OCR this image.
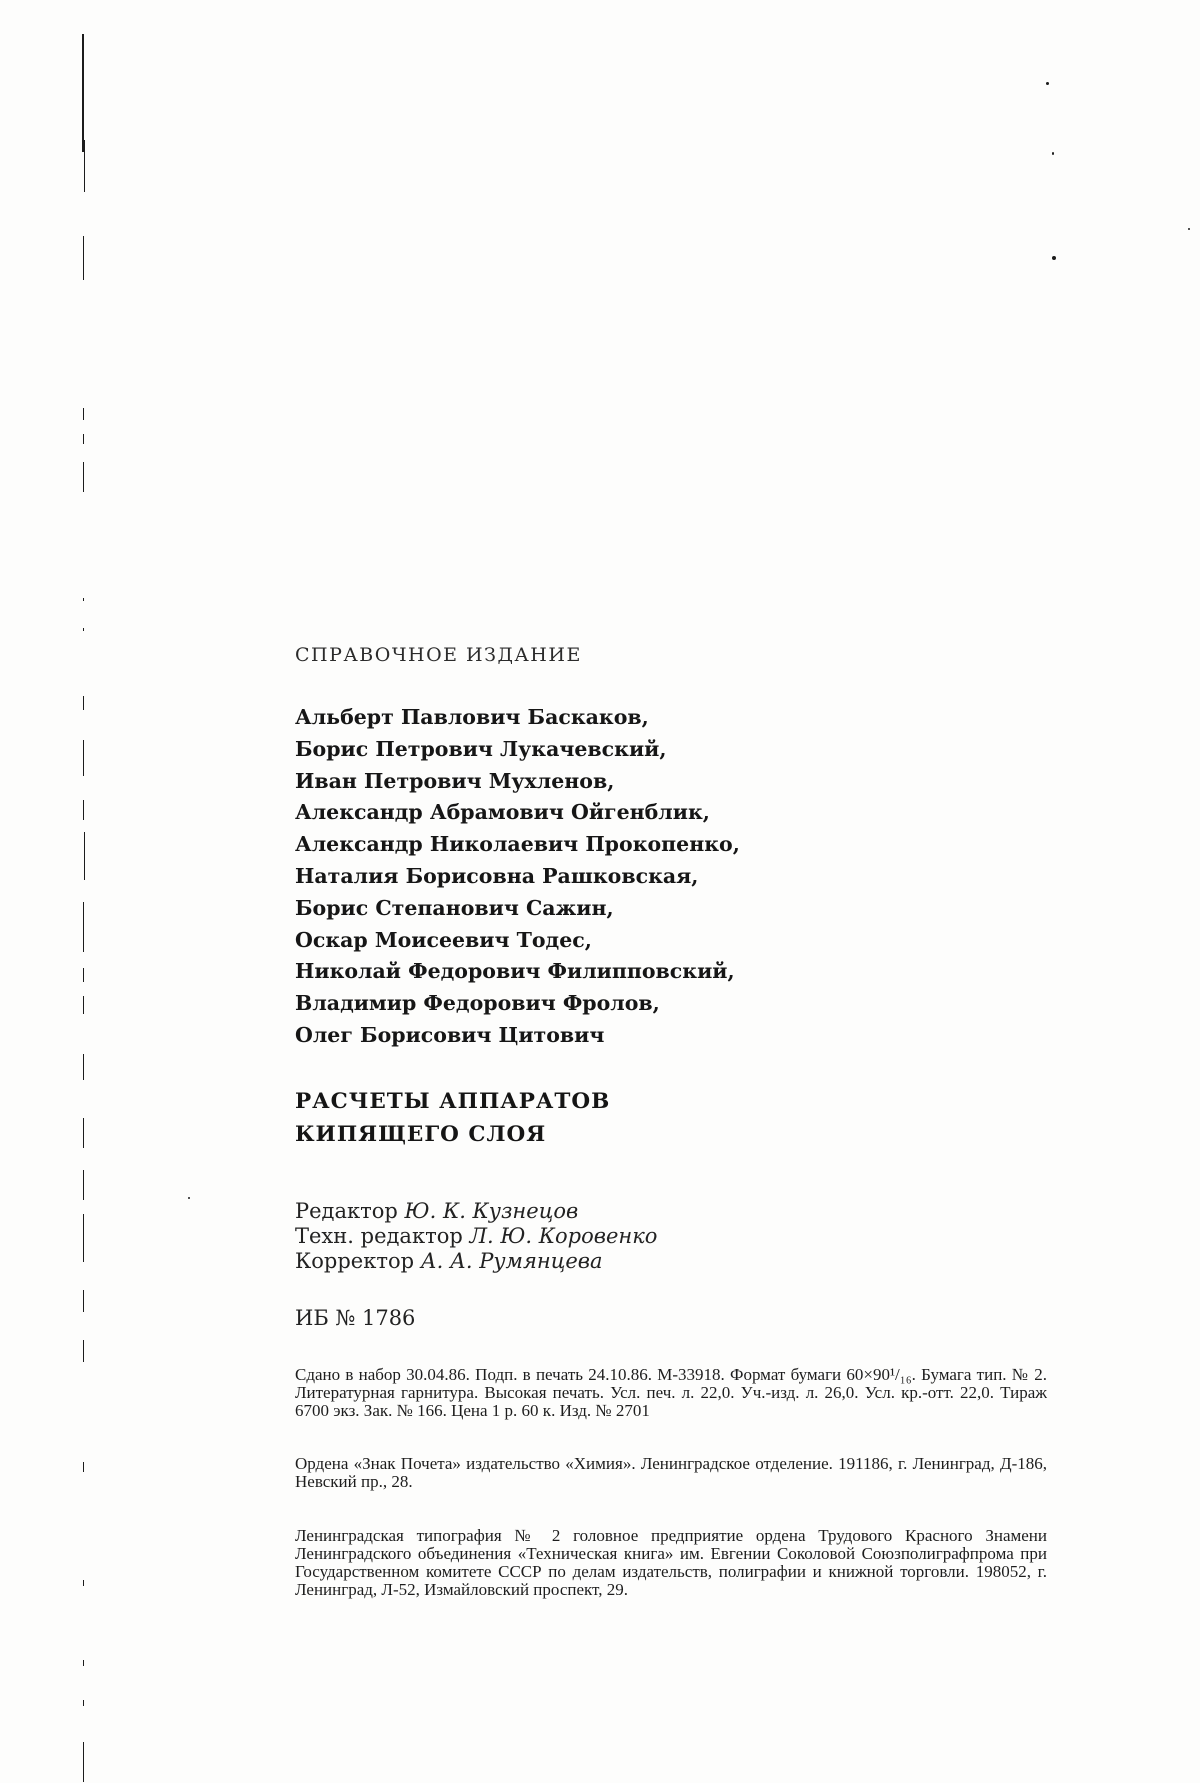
СПРАВОЧНОЕ ИЗДАНИЕ
Альберт Павлович Баскаков,
Борис Петрович Лукачевский,
Иван Петрович Мухленов,
Александр Абрамович Ойгенблик,
Александр Николаевич Прокопенко,
Наталия Борисовна Рашковская,
Борис Степанович Сажин,
Оскар Моисеевич Тодес,
Николай Федорович Филипповский,
Владимир Федорович Фролов,
Олег Борисович Цитович
РАСЧЕТЫ АППАРАТОВ
КИПЯЩЕГО СЛОЯ
Редактор Ю. К. Кузнецов
Техн. редактор Л. Ю. Коровенко
Корректор А. А. Румянцева
ИБ № 1786
Сдано в набор 30.04.86. Подп. в печать 24.10.86. М-33918. Формат бумаги 60×90¹/₁₆. Бумага тип. № 2. Литературная гарнитура. Высокая печать. Усл. печ. л. 22,0. Уч.-изд. л. 26,0. Усл. кр.-отт. 22,0. Тираж 6700 экз. Зак. № 166. Цена 1 р. 60 к. Изд. № 2701
Ордена «Знак Почета» издательство «Химия». Ленинградское отделение. 191186, г. Ленинград, Д-186, Невский пр., 28.
Ленинградская типография № 2 головное предприятие ордена Трудового Красного Знамени Ленинградского объединения «Техническая книга» им. Евгении Соколовой Союзполиграфпрома при Государственном комитете СССР по делам издательств, полиграфии и книжной торговли. 198052, г. Ленинград, Л-52, Измайловский проспект, 29.
